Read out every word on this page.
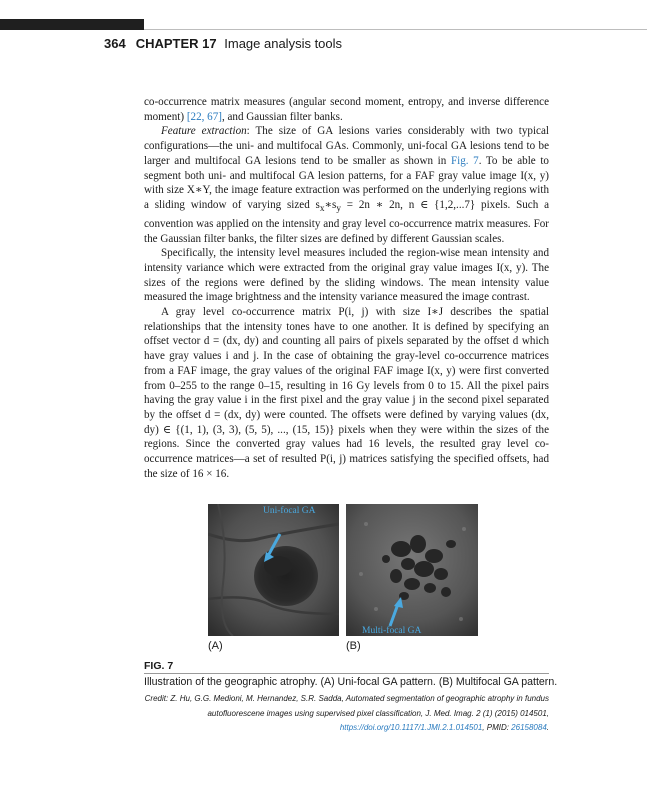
364 CHAPTER 17 Image analysis tools

co-occurrence matrix measures (angular second moment, entropy, and inverse difference moment) [22, 67], and Gaussian filter banks.

Feature extraction: The size of GA lesions varies considerably with two typical configurations—the uni- and multifocal GAs. Commonly, uni-focal GA lesions tend to be larger and multifocal GA lesions tend to be smaller as shown in Fig. 7. To be able to segment both uni- and multifocal GA lesion patterns, for a FAF gray value image I(x, y) with size X∗Y, the image feature extraction was performed on the underlying regions with a sliding window of varying sized $s_x∗s_y = 2n$ ∗ 2n, n ∈ {1,2,...7} pixels. Such a convention was applied on the intensity and gray level co-occurrence matrix measures. For the Gaussian filter banks, the filter sizes are defined by different Gaussian scales.

Specifically, the intensity level measures included the region-wise mean intensity and intensity variance which were extracted from the original gray value images I(x, y). The sizes of the regions were defined by the sliding windows. The mean intensity value measured the image brightness and the intensity variance measured the image contrast.

A gray level co-occurrence matrix P(i, j) with size I∗J describes the spatial relationships that the intensity tones have to one another. It is defined by specifying an offset vector d = (dx, dy) and counting all pairs of pixels separated by the offset d which have gray values i and j. In the case of obtaining the gray-level co-occurrence matrices from a FAF image, the gray values of the original FAF image I(x, y) were first converted from 0–255 to the range 0–15, resulting in 16 Gy levels from 0 to 15. All the pixel pairs having the gray value i in the first pixel and the gray value j in the second pixel separated by the offset d = (dx, dy) were counted. The offsets were defined by varying values (dx, dy) ∈ {(1, 1), (3, 3), (5, 5), ..., (15, 15)} pixels when they were within the sizes of the regions. Since the converted gray values had 16 levels, the resulted gray level co-occurrence matrices—a set of resulted P(i, j) matrices satisfying the specified offsets, had the size of 16 × 16.

Uni-focal GA
Multi-focal GA
(A)	(B)
FIG. 7
Illustration of the geographic atrophy. (A) Uni-focal GA pattern. (B) Multifocal GA pattern.
Credit: Z. Hu, G.G. Medioni, M. Hernandez, S.R. Sadda, Automated segmentation of geographic atrophy in fundus autofluorescene images using supervised pixel classification, J. Med. Imag. 2 (1) (2015) 014501, https://doi.org/10.1117/1.JMI.2.1.014501, PMID: 26158084.
